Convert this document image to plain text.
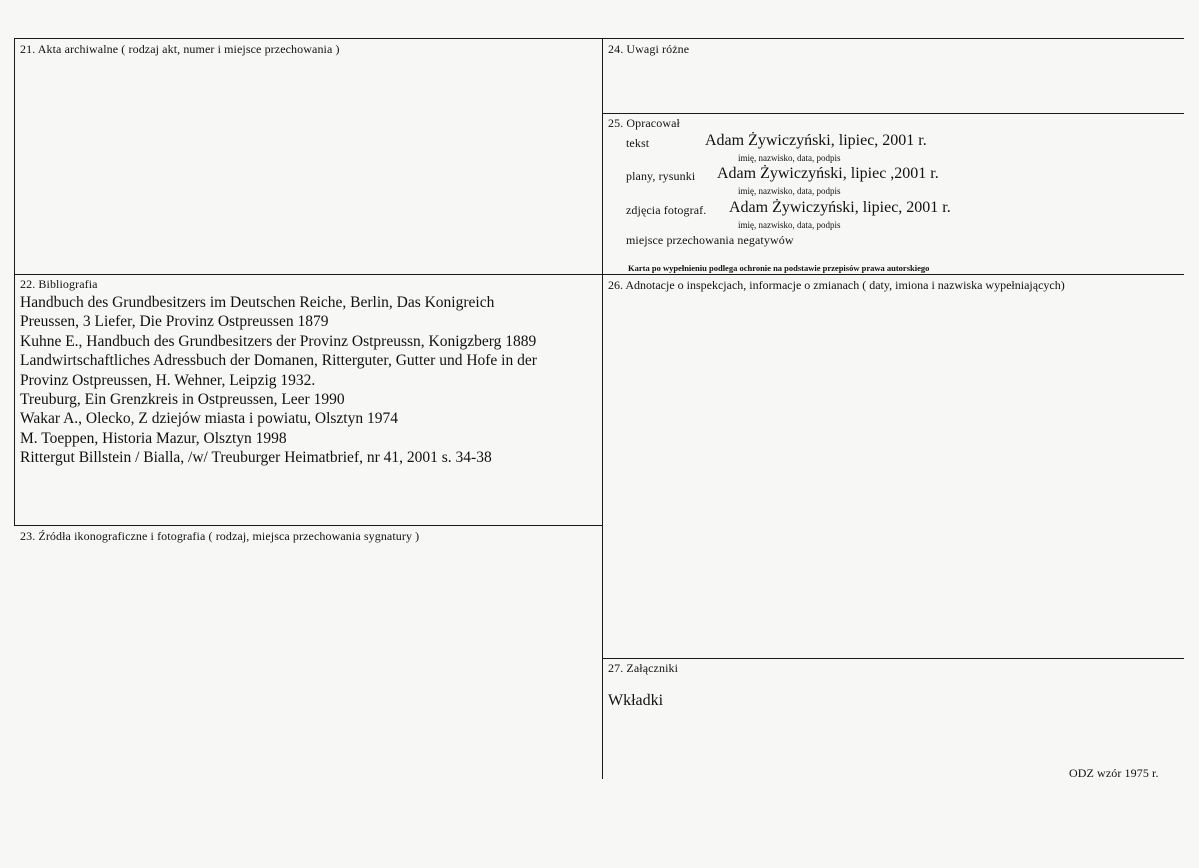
21. Akta archiwalne ( rodzaj akt, numer i miejsce przechowania )	24. Uwagi różne
25. Opracował
tekst	Adam Żywiczyński, lipiec, 2001 r.
imię, nazwisko, data, podpis
plany, rysunki Adam Żywiczyński, lipiec ,2001 r.
imię, nazwisko, data, podpis
zdjęcia fotograf. Adam Żywiczyński, lipiec, 2001 r.
imię, nazwisko, data, podpis
miejsce przechowania negatywów
Karta po wypełnieniu podlega ochronie na podstawie przepisów prawa autorskiego
22. Bibliografia
Handbuch des Grundbesitzers im Deutschen Reiche, Berlin, Das Konigreich
Preussen, 3 Liefer, Die Provinz Ostpreussen 1879
Kuhne E., Handbuch des Grundbesitzers der Provinz Ostpreussn, Konigzberg 1889
Landwirtschaftliches Adressbuch der Domanen, Ritterguter, Gutter und Hofe in der
Provinz Ostpreussen, H. Wehner, Leipzig 1932.
Treuburg, Ein Grenzkreis in Ostpreussen, Leer 1990
Wakar A., Olecko, Z dziejów miasta i powiatu, Olsztyn 1974
M. Toeppen, Historia Mazur, Olsztyn 1998
Rittergut Billstein / Bialla, /w/ Treuburger Heimatbrief, nr 41, 2001 s. 34-38
26. Adnotacje o inspekcjach, informacje o zmianach ( daty, imiona i nazwiska wypełniających)
23. Źródła ikonograficzne i fotografia ( rodzaj, miejsca przechowania sygnatury )
27. Załączniki
Wkładki
ODZ wzór 1975 r.
